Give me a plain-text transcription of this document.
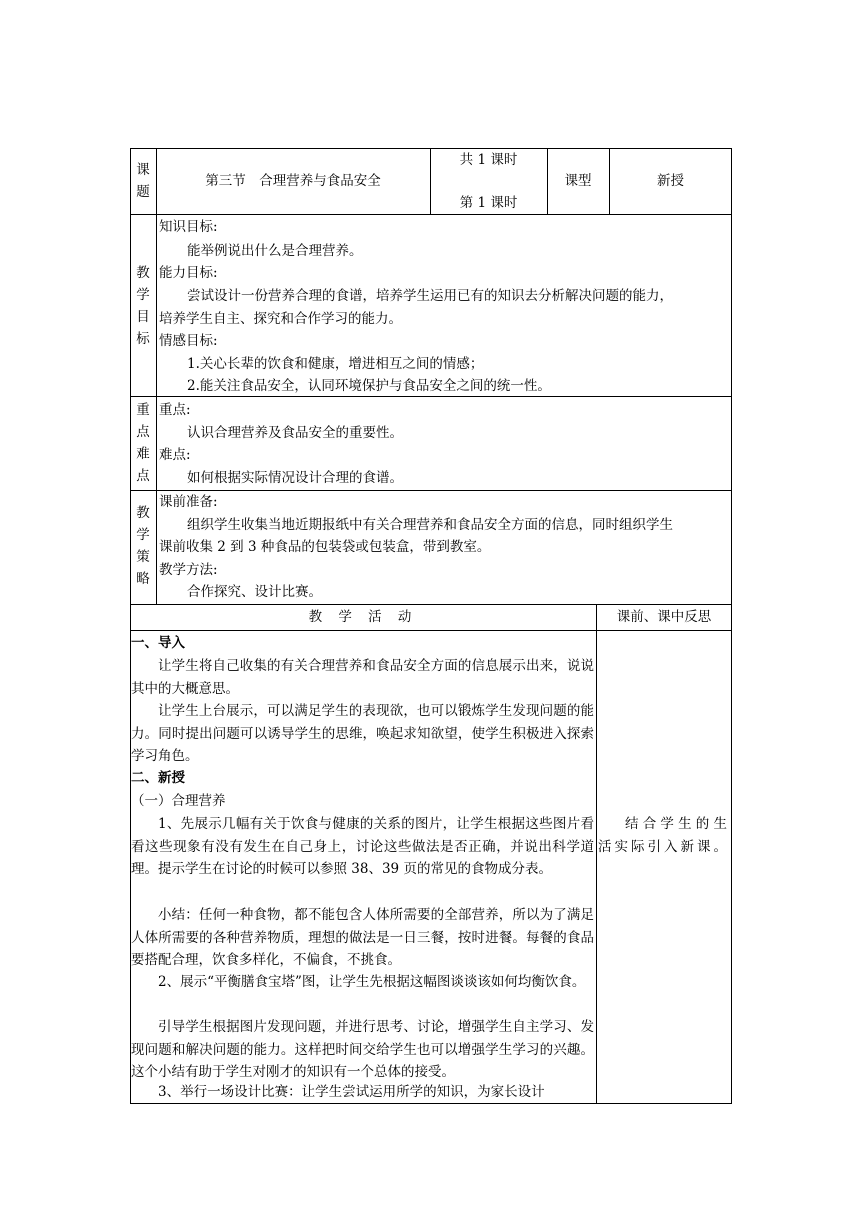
课
题
第三节　合理营养与食品安全
共 1 课时
第 1 课时
课型	新授
教
学
目
标
知识目标:
能举例说出什么是合理营养。
能力目标:
尝试设计一份营养合理的食谱，培养学生运用已有的知识去分析解决问题的能力，
培养学生自主、探究和合作学习的能力。
情感目标:
1.关心长辈的饮食和健康，增进相互之间的情感；
2.能关注食品安全，认同环境保护与食品安全之间的统一性。
重
点
难
点
重点:
认识合理营养及食品安全的重要性。
难点:
如何根据实际情况设计合理的食谱。
教
学
策
略
课前准备:
组织学生收集当地近期报纸中有关合理营养和食品安全方面的信息，同时组织学生
课前收集 2 到 3 种食品的包装袋或包装盒，带到教室。
教学方法:
合作探究、设计比赛。
教 学 活 动	课前、课中反思
一、导入
让学生将自己收集的有关合理营养和食品安全方面的信息展示出来，说说其中的大概意思。
让学生上台展示，可以满足学生的表现欲，也可以锻炼学生发现问题的能力。同时提出问题可以诱导学生的思维，唤起求知欲望，使学生积极进入探索学习角色。
二、新授
（一）合理营养
1、先展示几幅有关于饮食与健康的关系的图片，让学生根据这些图片看看这些现象有没有发生在自己身上，讨论这些做法是否正确，并说出科学道理。提示学生在讨论的时候可以参照 38、39 页的常见的食物成分表。
小结：任何一种食物，都不能包含人体所需要的全部营养，所以为了满足人体所需要的各种营养物质，理想的做法是一日三餐，按时进餐。每餐的食品要搭配合理，饮食多样化，不偏食，不挑食。
2、展示“平衡膳食宝塔”图，让学生先根据这幅图谈谈该如何均衡饮食。
引导学生根据图片发现问题，并进行思考、讨论，增强学生自主学习、发现问题和解决问题的能力。这样把时间交给学生也可以增强学生学习的兴趣。这个小结有助于学生对刚才的知识有一个总体的接受。
3、举行一场设计比赛：让学生尝试运用所学的知识，为家长设计
结合学生的生活实际引入新课。
